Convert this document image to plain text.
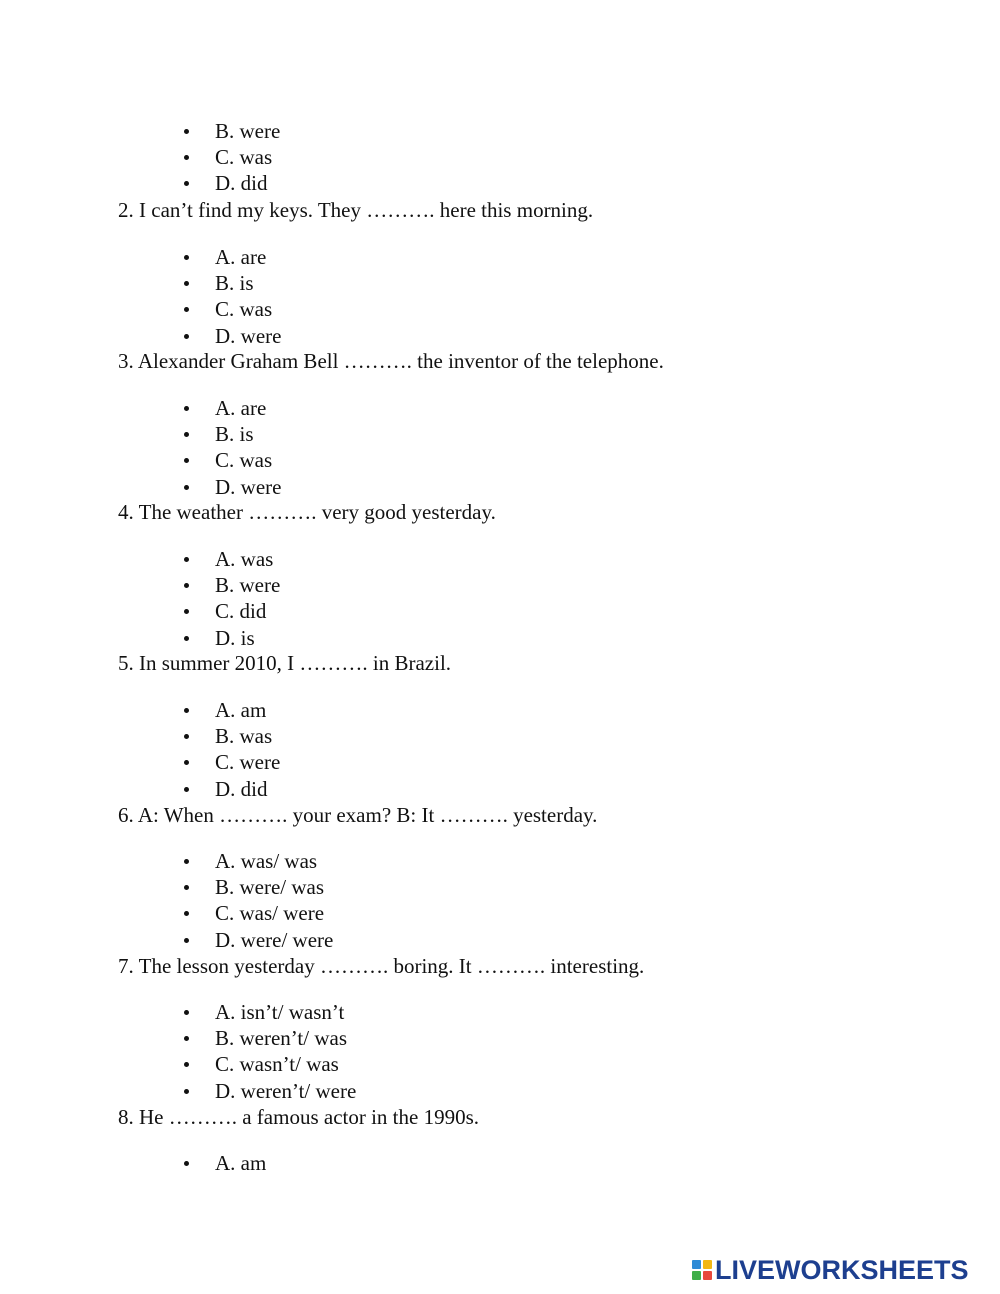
B. were
C. was
D. did
2. I can’t find my keys. They ………. here this morning.
A. are
B. is
C. was
D. were
3. Alexander Graham Bell ………. the inventor of the telephone.
A. are
B. is
C. was
D. were
4. The weather ………. very good yesterday.
A. was
B. were
C. did
D. is
5. In summer 2010, I ………. in Brazil.
A. am
B. was
C. were
D. did
6. A: When ………. your exam? B: It ………. yesterday.
A. was/ was
B. were/ was
C. was/ were
D. were/ were
7. The lesson yesterday ………. boring. It ………. interesting.
A. isn’t/ wasn’t
B. weren’t/ was
C. wasn’t/ was
D. weren’t/ were
8. He ………. a famous actor in the 1990s.
A. am
LIVEWORKSHEETS
